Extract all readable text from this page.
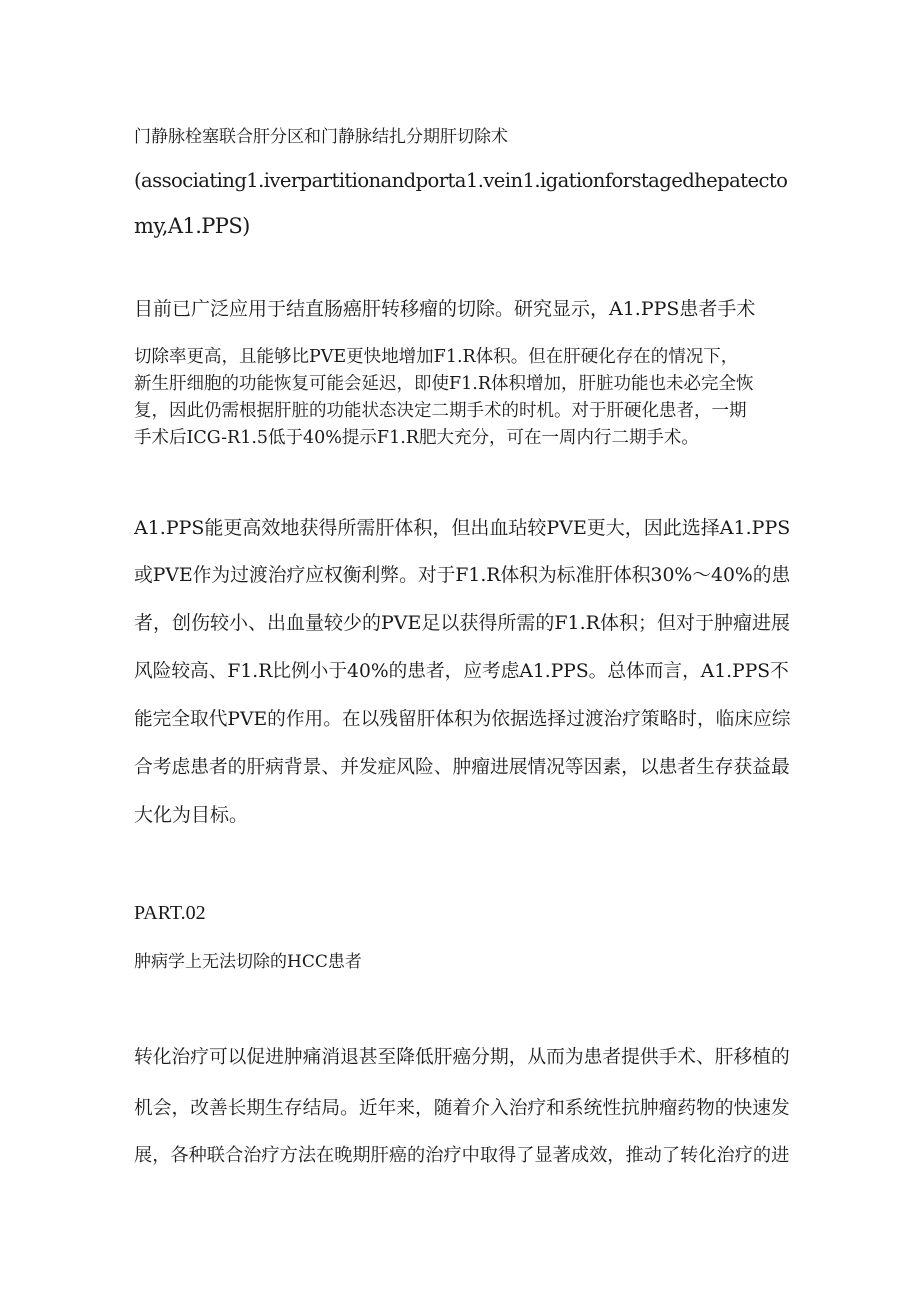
门静脉栓塞联合肝分区和门静脉结扎分期肝切除术
(associating1.iverpartitionandporta1.vein1.igationforstagedhepatecto
my,A1.PPS)
目前已广泛应用于结直肠癌肝转移瘤的切除。研究显示，A1.PPS患者手术
切除率更高，且能够比PVE更快地增加F1.R体积。但在肝硬化存在的情况下，
新生肝细胞的功能恢复可能会延迟，即使F1.R体积增加，肝脏功能也未必完全恢
复，因此仍需根据肝脏的功能状态决定二期手术的时机。对于肝硬化患者，一期
手术后ICG-R1.5低于40%提示F1.R肥大充分，可在一周内行二期手术。
A1.PPS能更高效地获得所需肝体积，但出血玷较PVE更大，因此选择A1.PPS
或PVE作为过渡治疗应权衡利弊。对于F1.R体积为标准肝体积30%～40%的患
者，创伤较小、出血量较少的PVE足以获得所需的F1.R体积；但对于肿瘤进展
风险较高、F1.R比例小于40%的患者，应考虑A1.PPS。总体而言，A1.PPS不
能完全取代PVE的作用。在以残留肝体积为依据选择过渡治疗策略时，临床应综
合考虑患者的肝病背景、并发症风险、肿瘤进展情况等因素，以患者生存获益最
大化为目标。
PART.02
肿病学上无法切除的HCC患者
转化治疗可以促进肿痛消退甚至降低肝癌分期，从而为患者提供手术、肝移植的
机会，改善长期生存结局。近年来，随着介入治疗和系统性抗肿瘤药物的快速发
展，各种联合治疗方法在晚期肝癌的治疗中取得了显著成效，推动了转化治疗的进
